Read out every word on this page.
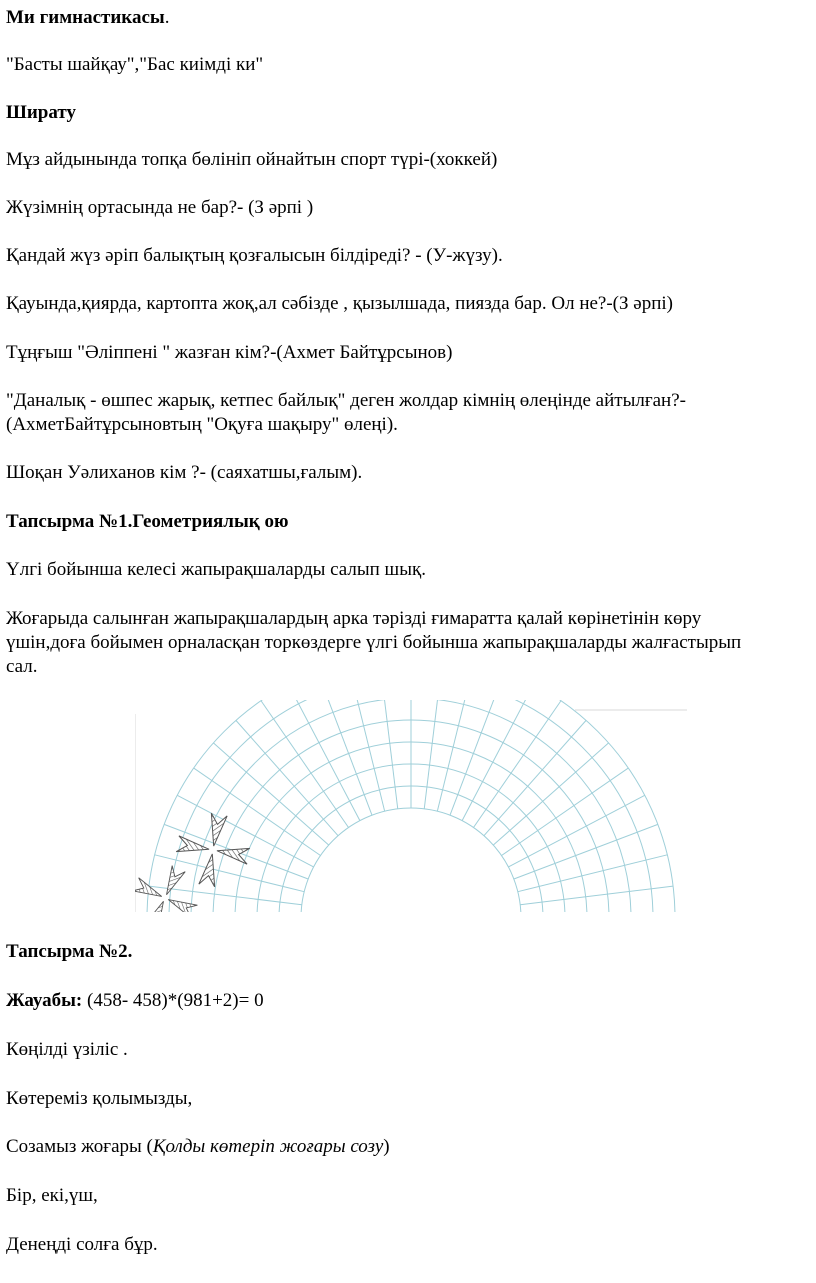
Ми гимнастикасы.
"Басты шайқау","Бас киімді ки"
Ширату
Мұз айдынында топқа бөлініп ойнайтын спорт түрі-(хоккей)
Жүзімнің ортасында не бар?- (З әрпі )
Қандай жүз әріп балықтың қозғалысын білдіреді? - (У-жүзу).
Қауында,қиярда, картопта жоқ,ал сәбізде , қызылшада, пиязда бар. Ол не?-(З әрпі)
Тұңғыш "Әліппені " жазған кім?-(Ахмет Байтұрсынов)
"Даналық - өшпес жарық, кетпес байлық" деген жолдар кімнің өлеңінде айтылған?-
(АхметБайтұрсыновтың "Оқуға шақыру" өлеңі).
Шоқан Уәлиханов кім ?- (саяхатшы,ғалым).
Тапсырма №1.Геометриялық ою
Үлгі бойынша келесі жапырақшаларды салып шық.
Жоғарыда салынған жапырақшалардың арка тәрізді ғимаратта қалай көрінетінін көру
үшін,доға бойымен орналасқан торкөздерге үлгі бойынша жапырақшаларды жалғастырып
сал.
Тапсырма №2.
Жауабы: (458- 458)*(981+2)= 0
Көңілді үзіліс .
Көтереміз қолымызды,
Созамыз жоғары (Қолды көтеріп жоғары созу)
Бір, екі,үш,
Денеңді солға бұр.
